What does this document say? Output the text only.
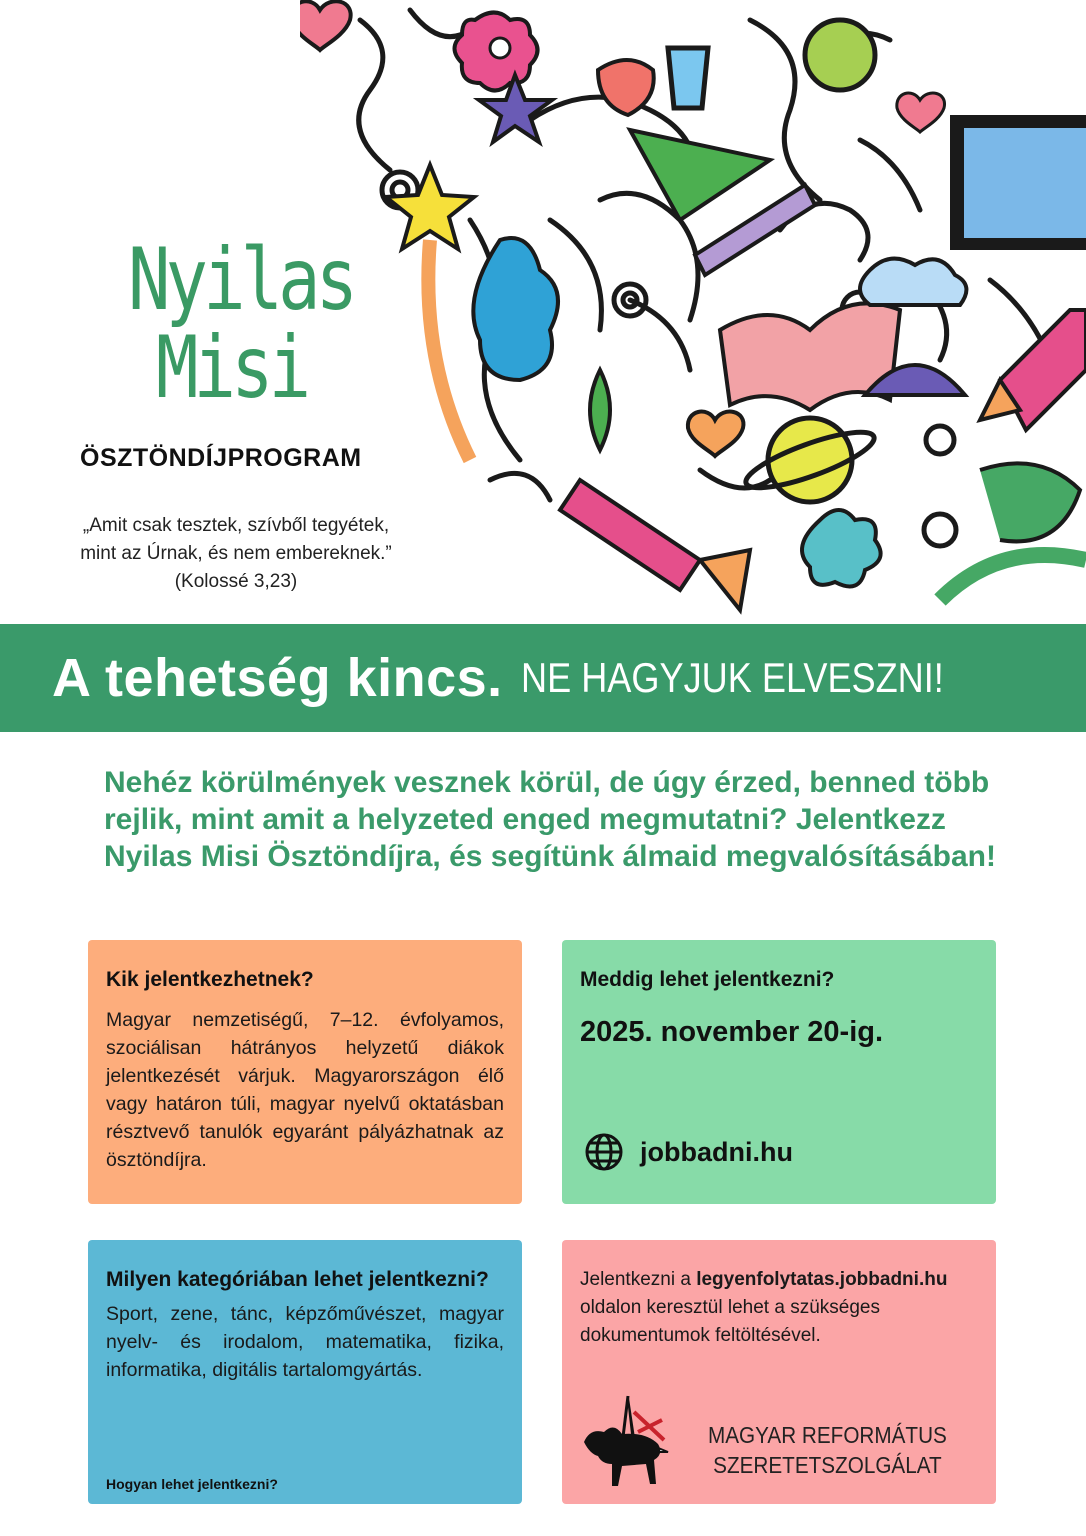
Nyilas
Misi
ÖSZTÖNDÍJPROGRAM
„Amit csak tesztek, szívből tegyétek,
mint az Úrnak, és nem embereknek.”
(Kolossé 3,23)
A tehetség kincs. NE HAGYJUK ELVESZNI!
Nehéz körülmények vesznek körül, de úgy érzed, benned több rejlik, mint amit a helyzeted enged megmutatni? Jelentkezz Nyilas Misi Ösztöndíjra, és segítünk álmaid megvalósításában!
Kik jelentkezhetnek?

Magyar nemzetiségű, 7–12. évfolyamos, szociálisan hátrányos helyzetű diákok jelentkezését várjuk. Magyarországon élő vagy határon túli, magyar nyelvű oktatásban résztvevő tanulók egyaránt pályázhatnak az ösztöndíjra.

Meddig lehet jelentkezni?
2025. november 20-ig.
jobbadni.hu
Milyen kategóriában lehet jelentkezni?

Sport, zene, tánc, képzőművészet, magyar nyelv- és irodalom, matematika, fizika, informatika, digitális tartalomgyártás.

Hogyan lehet jelentkezni?

Jelentkezni a legyenfolytatas.jobbadni.hu oldalon keresztül lehet a szükséges dokumentumok feltöltésével.

MAGYAR REFORMÁTUS
SZERETETSZOLGÁLAT
